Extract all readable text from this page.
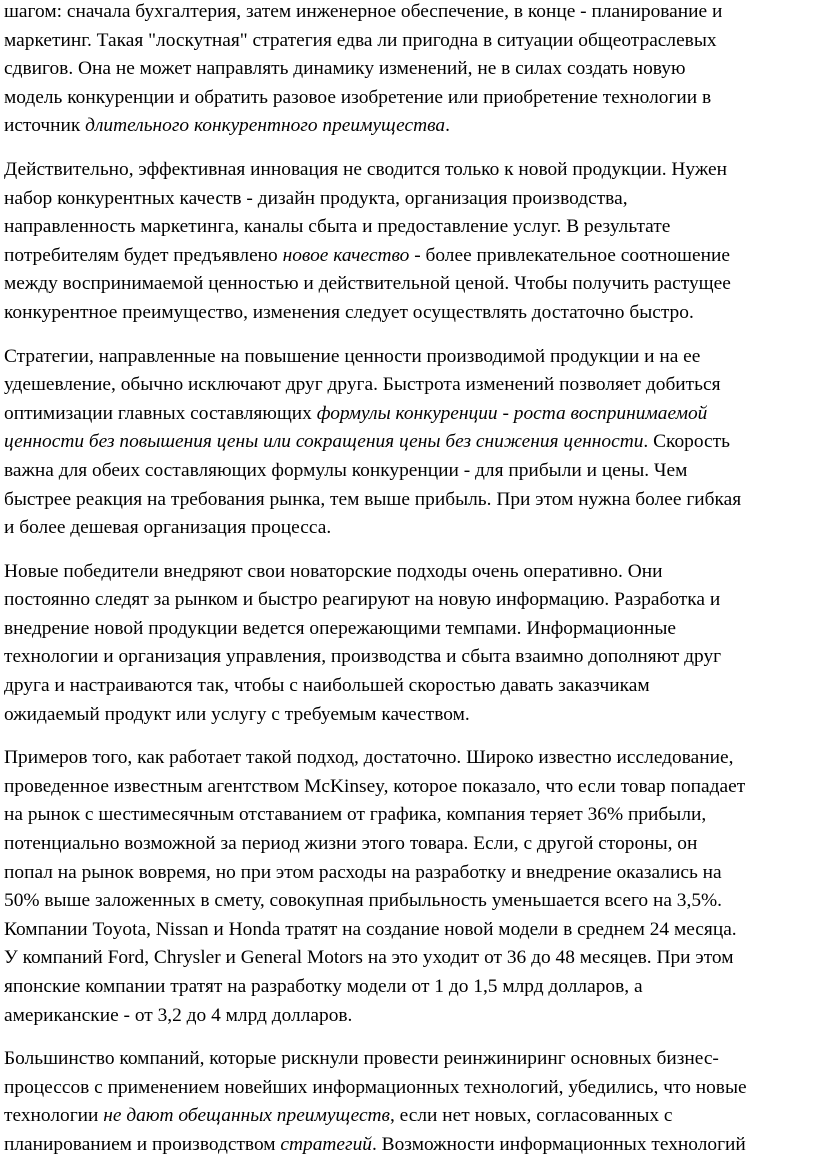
шагом: сначала бухгалтерия, затем инженерное обеспечение, в конце - планирование и
маркетинг. Такая "лоскутная" стратегия едва ли пригодна в ситуации общеотраслевых
сдвигов. Она не может направлять динамику изменений, не в силах создать новую
модель конкуренции и обратить разовое изобретение или приобретение технологии в
источник длительного конкурентного преимущества.

Действительно, эффективная инновация не сводится только к новой продукции. Нужен
набор конкурентных качеств - дизайн продукта, организация производства,
направленность маркетинга, каналы сбыта и предоставление услуг. В результате
потребителям будет предъявлено новое качество - более привлекательное соотношение
между воспринимаемой ценностью и действительной ценой. Чтобы получить растущее
конкурентное преимущество, изменения следует осуществлять достаточно быстро.

Стратегии, направленные на повышение ценности производимой продукции и на ее
удешевление, обычно исключают друг друга. Быстрота изменений позволяет добиться
оптимизации главных составляющих формулы конкуренции - роста воспринимаемой
ценности без повышения цены или сокращения цены без снижения ценности. Скорость
важна для обеих составляющих формулы конкуренции - для прибыли и цены. Чем
быстрее реакция на требования рынка, тем выше прибыль. При этом нужна более гибкая
и более дешевая организация процесса.

Новые победители внедряют свои новаторские подходы очень оперативно. Они
постоянно следят за рынком и быстро реагируют на новую информацию. Разработка и
внедрение новой продукции ведется опережающими темпами. Информационные
технологии и организация управления, производства и сбыта взаимно дополняют друг
друга и настраиваются так, чтобы с наибольшей скоростью давать заказчикам
ожидаемый продукт или услугу с требуемым качеством.

Примеров того, как работает такой подход, достаточно. Широко известно исследование,
проведенное известным агентством McKinsey, которое показало, что если товар попадает
на рынок с шестимесячным отставанием от графика, компания теряет 36% прибыли,
потенциально возможной за период жизни этого товара. Если, с другой стороны, он
попал на рынок вовремя, но при этом расходы на разработку и внедрение оказались на
50% выше заложенных в смету, совокупная прибыльность уменьшается всего на 3,5%.
Компании Toyota, Nissan и Honda тратят на создание новой модели в среднем 24 месяца.
У компаний Ford, Chrysler и General Motors на это уходит от 36 до 48 месяцев. При этом
японские компании тратят на разработку модели от 1 до 1,5 млрд долларов, а
американские - от 3,2 до 4 млрд долларов.

Большинство компаний, которые рискнули провести реинжиниринг основных бизнес-
процессов с применением новейших информационных технологий, убедились, что новые
технологии не дают обещанных преимуществ, если нет новых, согласованных с
планированием и производством стратегий. Возможности информационных технологий
